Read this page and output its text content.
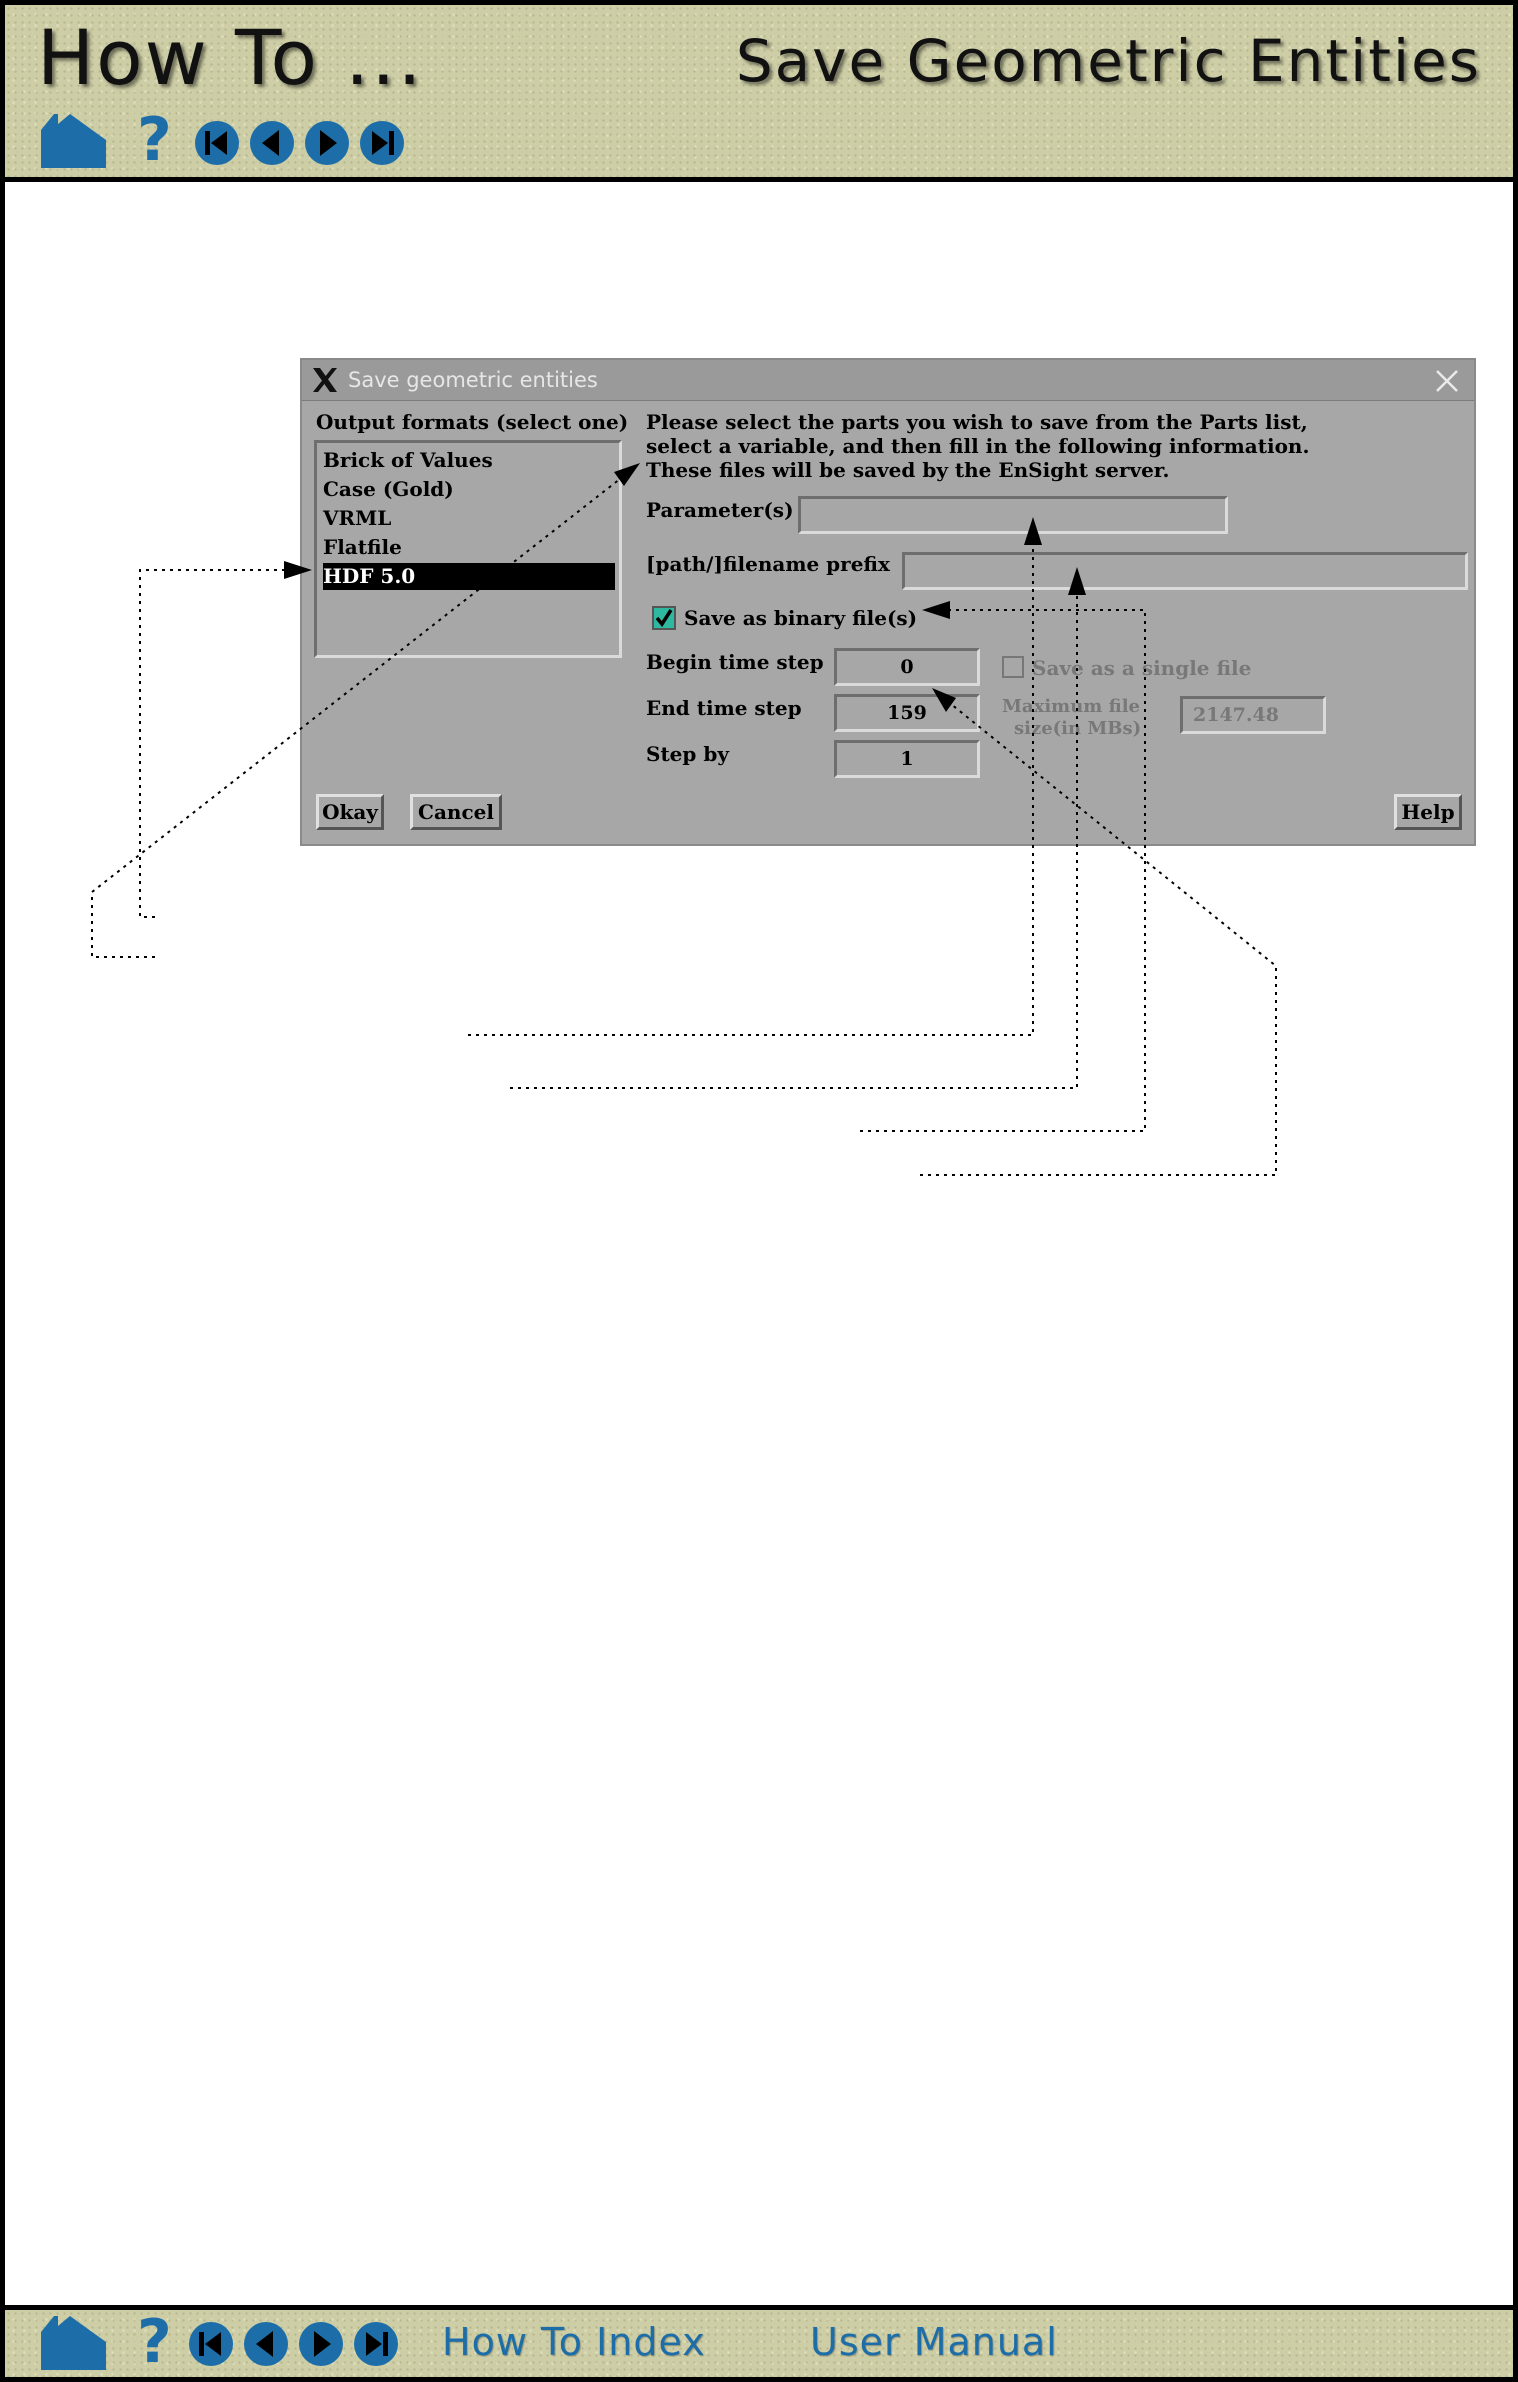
How To ...	Save Geometric Entities
?
Save geometric entities
Output formats (select one)
Brick of Values
Case (Gold)
VRML
Flatfile
HDF 5.0
Please select the parts you wish to save from the Parts list,
select a variable, and then fill in the following information.
These files will be saved by the EnSight server.
Parameter(s)
[path/]filename prefix
Save as binary file(s)
Begin time step	0
End time step	159
Step by	1
Save as a single file
Maximum file
size(in MBs)
2147.48
Okay	Cancel	Help
?	How To Index	User Manual
